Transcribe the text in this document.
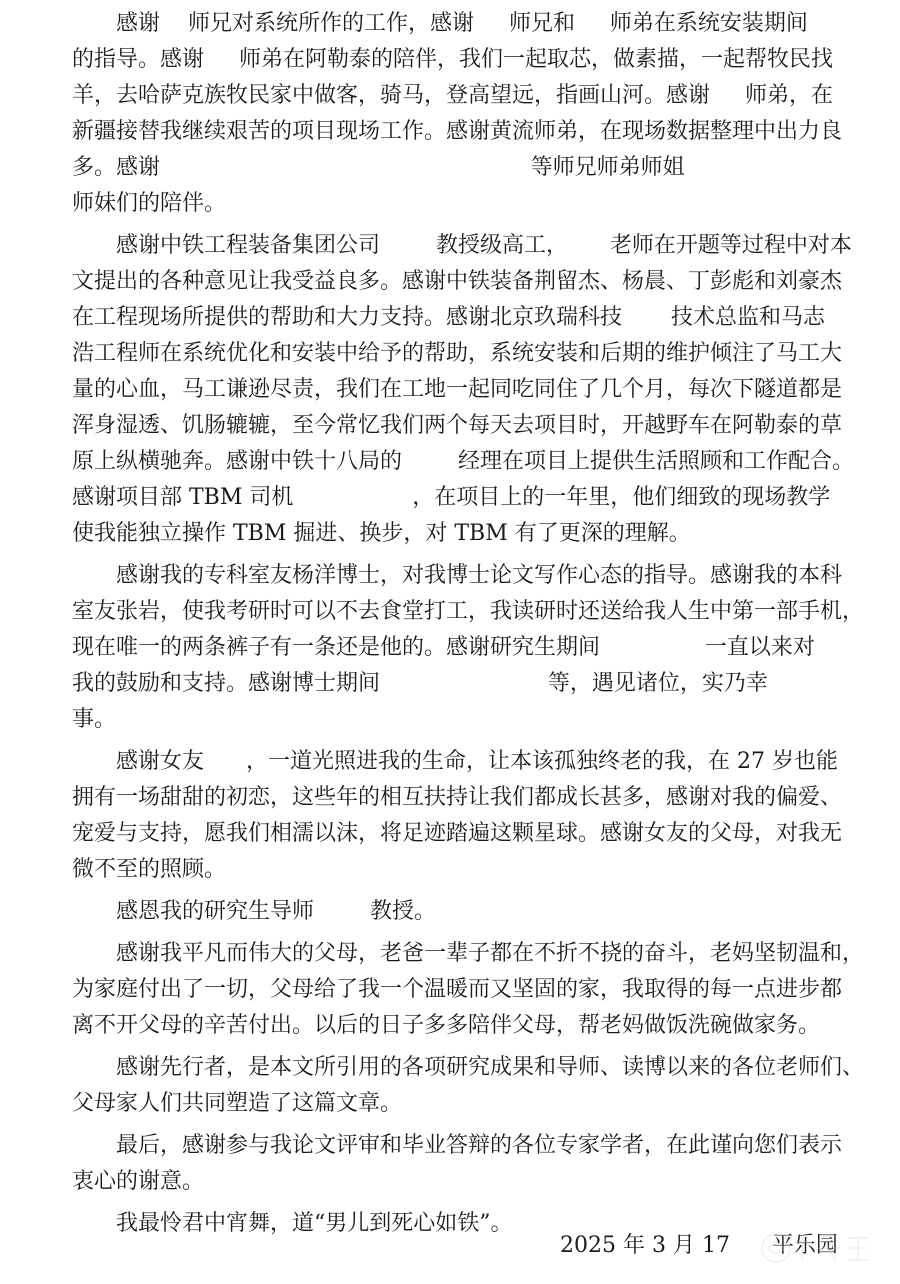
感谢    师兄对系统所作的工作，感谢     师兄和     师弟在系统安装期间
的指导。感谢     师弟在阿勒泰的陪伴，我们一起取芯，做素描，一起帮牧民找
羊，去哈萨克族牧民家中做客，骑马，登高望远，指画山河。感谢     师弟，在
新疆接替我继续艰苦的项目现场工作。感谢黄流师弟，在现场数据整理中出力良
多。感谢                                                     等师兄师弟师姐
师妹们的陪伴。

感谢中铁工程装备集团公司        教授级高工，      老师在开题等过程中对本
文提出的各种意见让我受益良多。感谢中铁装备荆留杰、杨晨、丁彭彪和刘豪杰
在工程现场所提供的帮助和大力支持。感谢北京玖瑞科技       技术总监和马志
浩工程师在系统优化和安装中给予的帮助，系统安装和后期的维护倾注了马工大
量的心血，马工谦逊尽责，我们在工地一起同吃同住了几个月，每次下隧道都是
浑身湿透、饥肠辘辘，至今常忆我们两个每天去项目时，开越野车在阿勒泰的草
原上纵横驰奔。感谢中铁十八局的        经理在项目上提供生活照顾和工作配合。
感谢项目部 TBM 司机                 ，在项目上的一年里，他们细致的现场教学
使我能独立操作 TBM 掘进、换步，对 TBM 有了更深的理解。

感谢我的专科室友杨洋博士，对我博士论文写作心态的指导。感谢我的本科
室友张岩，使我考研时可以不去食堂打工，我读研时还送给我人生中第一部手机，
现在唯一的两条裤子有一条还是他的。感谢研究生期间               一直以来对
我的鼓励和支持。感谢博士期间                        等，遇见诸位，实乃幸
事。

感谢女友      ，一道光照进我的生命，让本该孤独终老的我，在 27 岁也能
拥有一场甜甜的初恋，这些年的相互扶持让我们都成长甚多，感谢对我的偏爱、
宠爱与支持，愿我们相濡以沫，将足迹踏遍这颗星球。感谢女友的父母，对我无
微不至的照顾。

感恩我的研究生导师        教授。

感谢我平凡而伟大的父母，老爸一辈子都在不折不挠的奋斗，老妈坚韧温和，
为家庭付出了一切，父母给了我一个温暖而又坚固的家，我取得的每一点进步都
离不开父母的辛苦付出。以后的日子多多陪伴父母，帮老妈做饭洗碗做家务。

感谢先行者，是本文所引用的各项研究成果和导师、读博以来的各位老师们、
父母家人们共同塑造了这篇文章。

最后，感谢参与我论文评审和毕业答辩的各位专家学者，在此谨向您们表示
衷心的谢意。

我最怜君中宵舞，道“男儿到死心如铁”。

2025 年 3 月 17      平乐园
